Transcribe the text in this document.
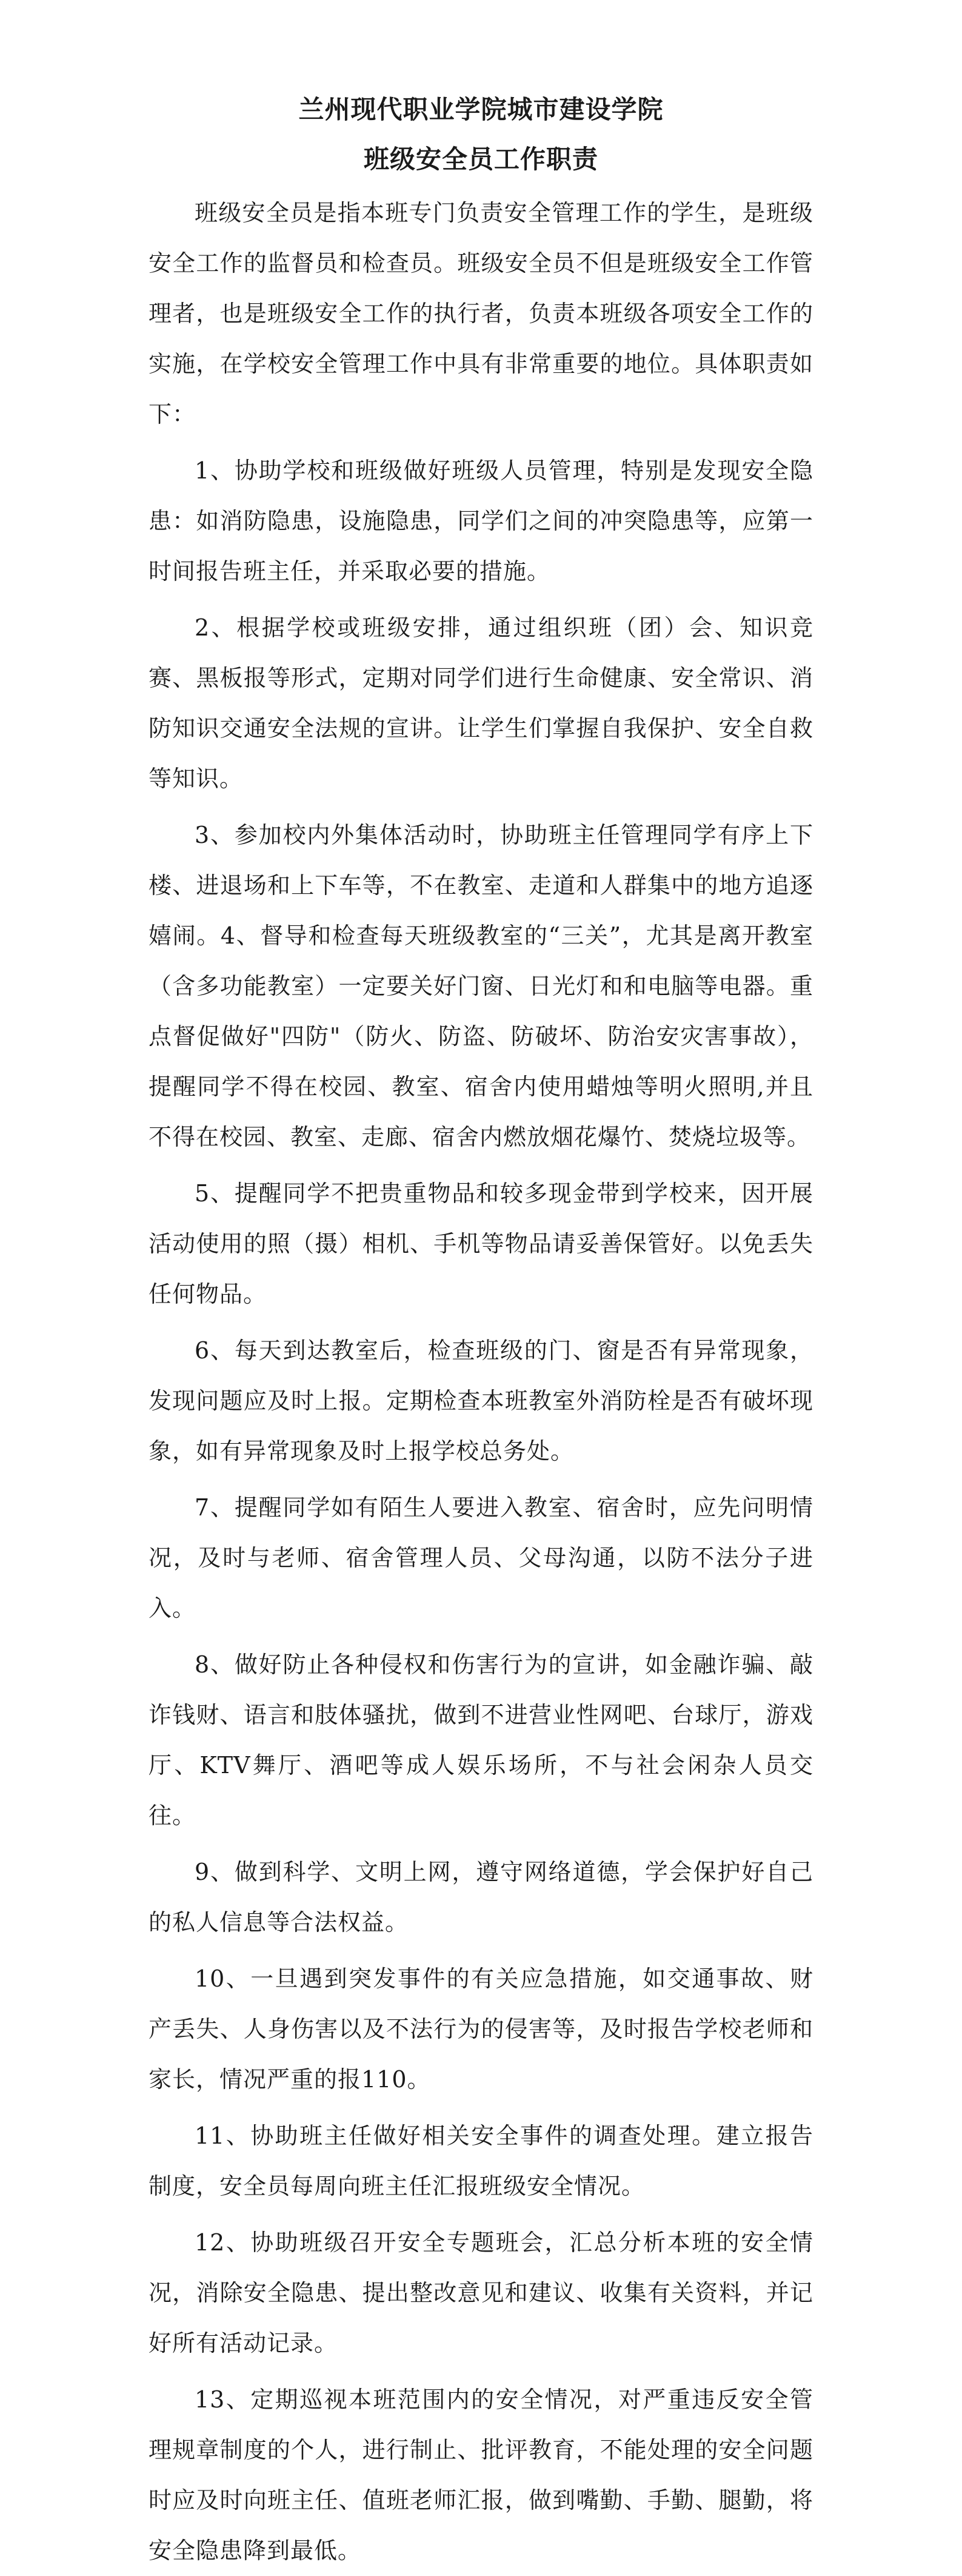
兰州现代职业学院城市建设学院
班级安全员工作职责

班级安全员是指本班专门负责安全管理工作的学生，是班级安全工作的监督员和检查员。班级安全员不但是班级安全工作管理者，也是班级安全工作的执行者，负责本班级各项安全工作的实施，在学校安全管理工作中具有非常重要的地位。具体职责如下：

1、协助学校和班级做好班级人员管理，特别是发现安全隐患：如消防隐患，设施隐患，同学们之间的冲突隐患等，应第一时间报告班主任，并采取必要的措施。

2、根据学校或班级安排，通过组织班（团）会、知识竞赛、黑板报等形式，定期对同学们进行生命健康、安全常识、消防知识交通安全法规的宣讲。让学生们掌握自我保护、安全自救等知识。

3、参加校内外集体活动时，协助班主任管理同学有序上下楼、进退场和上下车等，不在教室、走道和人群集中的地方追逐嬉闹。4、督导和检查每天班级教室的“三关”，尤其是离开教室（含多功能教室）一定要关好门窗、日光灯和和电脑等电器。重点督促做好"四防"（防火、防盗、防破坏、防治安灾害事故），提醒同学不得在校园、教室、宿舍内使用蜡烛等明火照明,并且不得在校园、教室、走廊、宿舍内燃放烟花爆竹、焚烧垃圾等。

5、提醒同学不把贵重物品和较多现金带到学校来，因开展活动使用的照（摄）相机、手机等物品请妥善保管好。以免丢失任何物品。

6、每天到达教室后，检查班级的门、窗是否有异常现象，发现问题应及时上报。定期检查本班教室外消防栓是否有破坏现象，如有异常现象及时上报学校总务处。

7、提醒同学如有陌生人要进入教室、宿舍时，应先问明情况，及时与老师、宿舍管理人员、父母沟通，以防不法分子进入。

8、做好防止各种侵权和伤害行为的宣讲，如金融诈骗、敲诈钱财、语言和肢体骚扰，做到不进营业性网吧、台球厅，游戏厅、KTV舞厅、酒吧等成人娱乐场所，不与社会闲杂人员交往。

9、做到科学、文明上网，遵守网络道德，学会保护好自己的私人信息等合法权益。

10、一旦遇到突发事件的有关应急措施，如交通事故、财产丢失、人身伤害以及不法行为的侵害等，及时报告学校老师和家长，情况严重的报110。

11、协助班主任做好相关安全事件的调查处理。建立报告制度，安全员每周向班主任汇报班级安全情况。

12、协助班级召开安全专题班会，汇总分析本班的安全情况，消除安全隐患、提出整改意见和建议、收集有关资料，并记好所有活动记录。

13、定期巡视本班范围内的安全情况，对严重违反安全管理规章制度的个人，进行制止、批评教育，不能处理的安全问题时应及时向班主任、值班老师汇报，做到嘴勤、手勤、腿勤，将安全隐患降到最低。
